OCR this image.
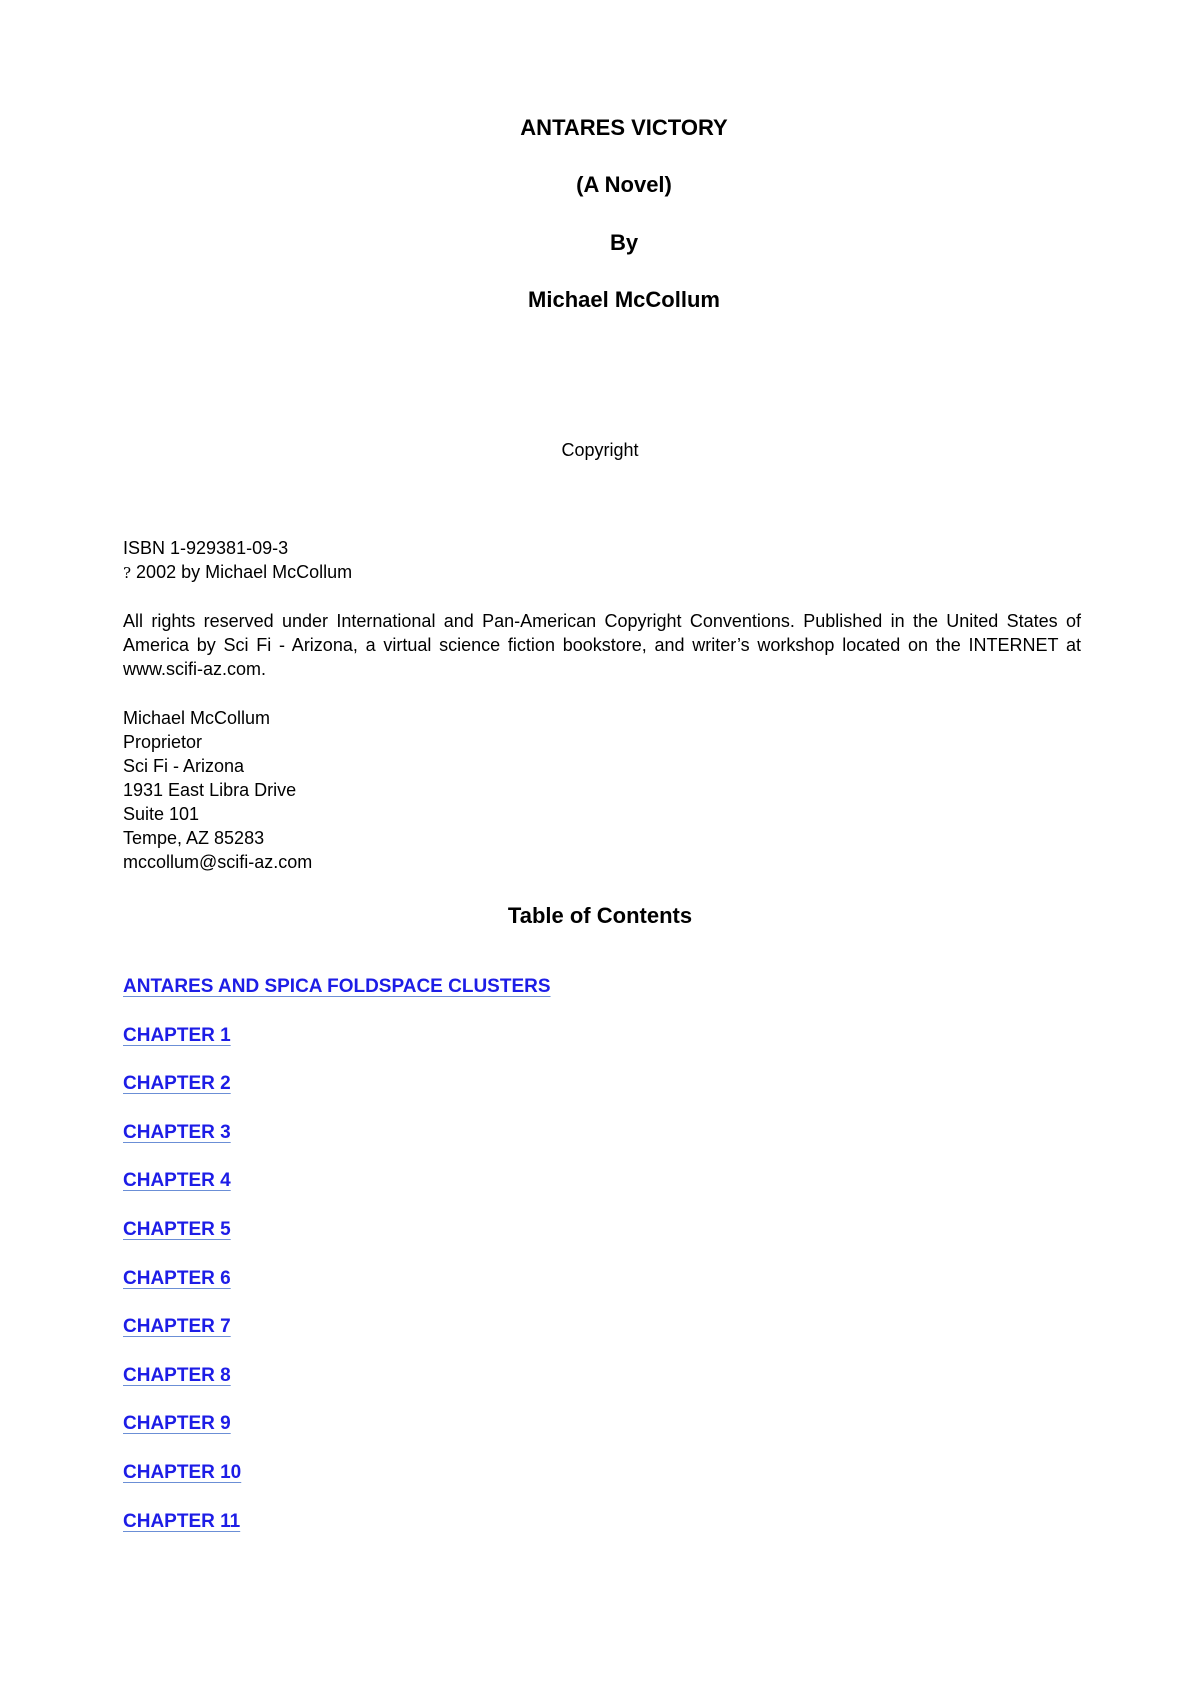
ANTARES VICTORY
(A Novel)
By
Michael McCollum
Copyright

ISBN 1-929381-09-3

? 2002 by Michael McCollum

All rights reserved under International and Pan-American Copyright Conventions. Published in the United States of America by Sci Fi - Arizona, a virtual science fiction bookstore, and writer’s workshop located on the INTERNET at www.scifi-az.com.

Michael McCollum

Proprietor

Sci Fi - Arizona

1931 East Libra Drive

Suite 101

Tempe, AZ 85283

mccollum@scifi-az.com

Table of Contents
ANTARES AND SPICA FOLDSPACE CLUSTERS
CHAPTER 1
CHAPTER 2
CHAPTER 3
CHAPTER 4
CHAPTER 5
CHAPTER 6
CHAPTER 7
CHAPTER 8
CHAPTER 9
CHAPTER 10
CHAPTER 11
